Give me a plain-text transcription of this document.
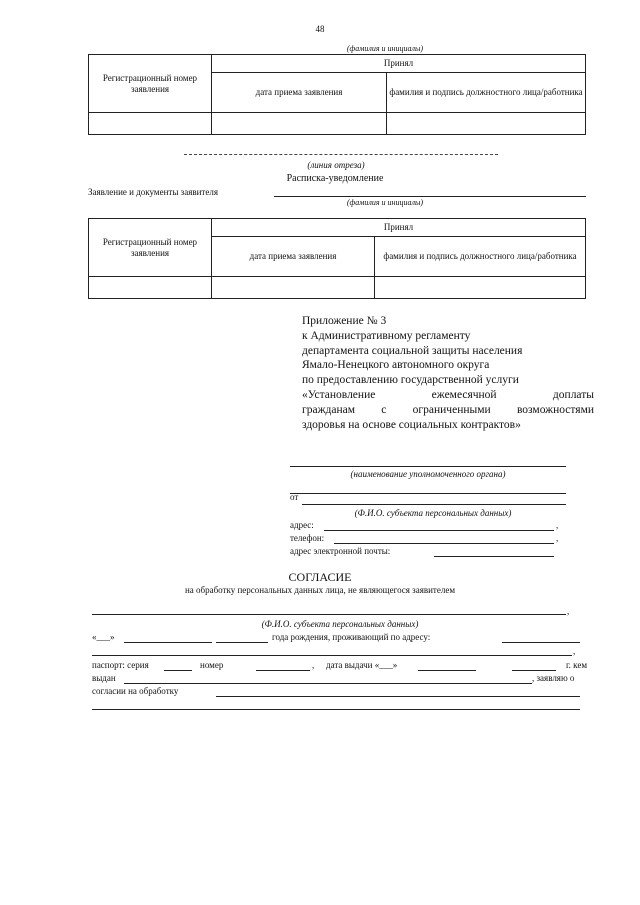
48
(фамилия и инициалы)
Регистрационный номер заявления	Принял	
	дата приема заявления	фамилия и подпись должностного лица/работника

(линия отреза)
Расписка-уведомление
Заявление и документы заявителя
(фамилия и инициалы)
Регистрационный номер заявления	Принял	
	дата приема заявления	фамилия и подпись должностного лица/работника

Приложение № 3
к Административному регламенту
департамента социальной защиты населения
Ямало-Ненецкого автономного округа
по предоставлению государственной услуги
«Установление ежемесячной доплаты
гражданам с ограниченными возможностями
здоровья на основе социальных контрактов»
(наименование уполномоченного органа)
от
(Ф.И.О. субъекта персональных данных)
адрес:	,
телефон:	,
адрес электронной почты:
СОГЛАСИЕ
на обработку персональных данных лица, не являющегося заявителем
,
(Ф.И.О. субъекта персональных данных)
«___»	года рождения, проживающий по адресу:
,
паспорт: серия	номер	, дата выдачи «___»	г. кем
выдан	, заявляю о
согласии на обработку
